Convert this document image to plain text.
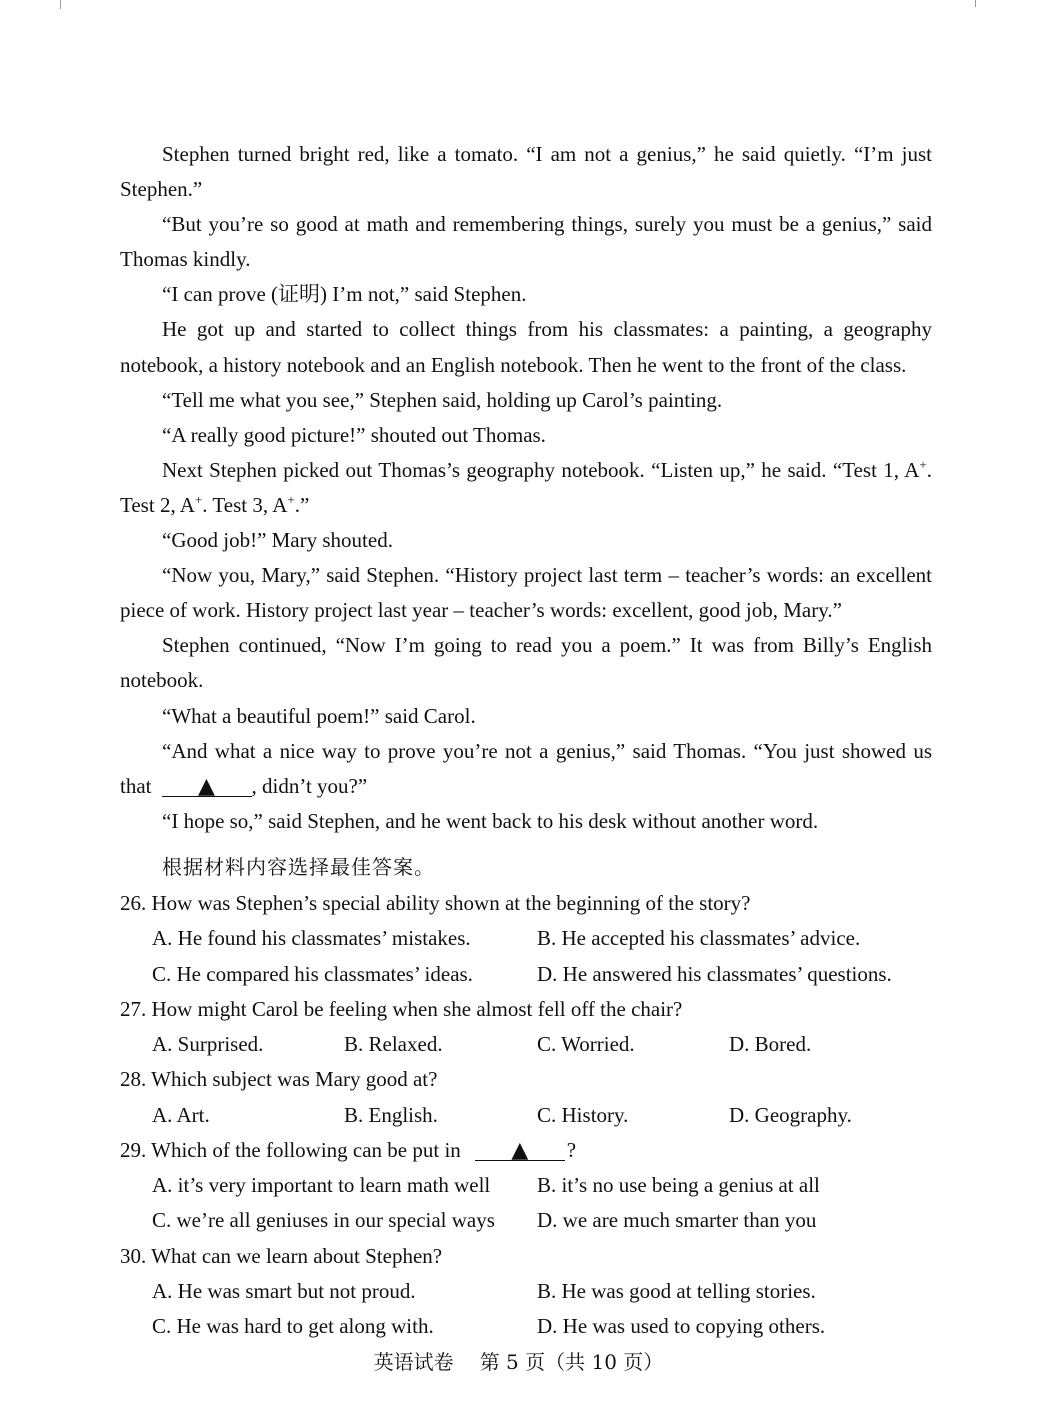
Stephen turned bright red, like a tomato. “I am not a genius,” he said quietly. “I’m just
Stephen.”
“But you’re so good at math and remembering things, surely you must be a genius,” said
Thomas kindly.
“I can prove (证明) I’m not,” said Stephen.
He got up and started to collect things from his classmates: a painting, a geography
notebook, a history notebook and an English notebook. Then he went to the front of the class.
“Tell me what you see,” Stephen said, holding up Carol’s painting.
“A really good picture!” shouted out Thomas.
Next Stephen picked out Thomas’s geography notebook. “Listen up,” he said. “Test 1, A+.
Test 2, A+. Test 3, A+.”
“Good job!” Mary shouted.
“Now you, Mary,” said Stephen. “History project last term – teacher’s words: an excellent
piece of work. History project last year – teacher’s words: excellent, good job, Mary.”
Stephen continued, “Now I’m going to read you a poem.” It was from Billy’s English
notebook.
“What a beautiful poem!” said Carol.
“And what a nice way to prove you’re not a genius,” said Thomas. “You just showed us
that ▲ , didn’t you?”
“I hope so,” said Stephen, and he went back to his desk without another word.
根据材料内容选择最佳答案。
26. How was Stephen’s special ability shown at the beginning of the story?
A. He found his classmates’ mistakes.	B. He accepted his classmates’ advice.
C. He compared his classmates’ ideas.	D. He answered his classmates’ questions.
27. How might Carol be feeling when she almost fell off the chair?
A. Surprised.	B. Relaxed.	C. Worried.	D. Bored.
28. Which subject was Mary good at?
A. Art.	B. English.	C. History.	D. Geography.
29. Which of the following can be put in ▲ ?
A. it’s very important to learn math well B. it’s no use being a genius at all
C. we’re all geniuses in our special ways D. we are much smarter than you
30. What can we learn about Stephen?
A. He was smart but not proud.	B. He was good at telling stories.
C. He was hard to get along with.	D. He was used to copying others.
英语试卷 第 5 页（共 10 页）
